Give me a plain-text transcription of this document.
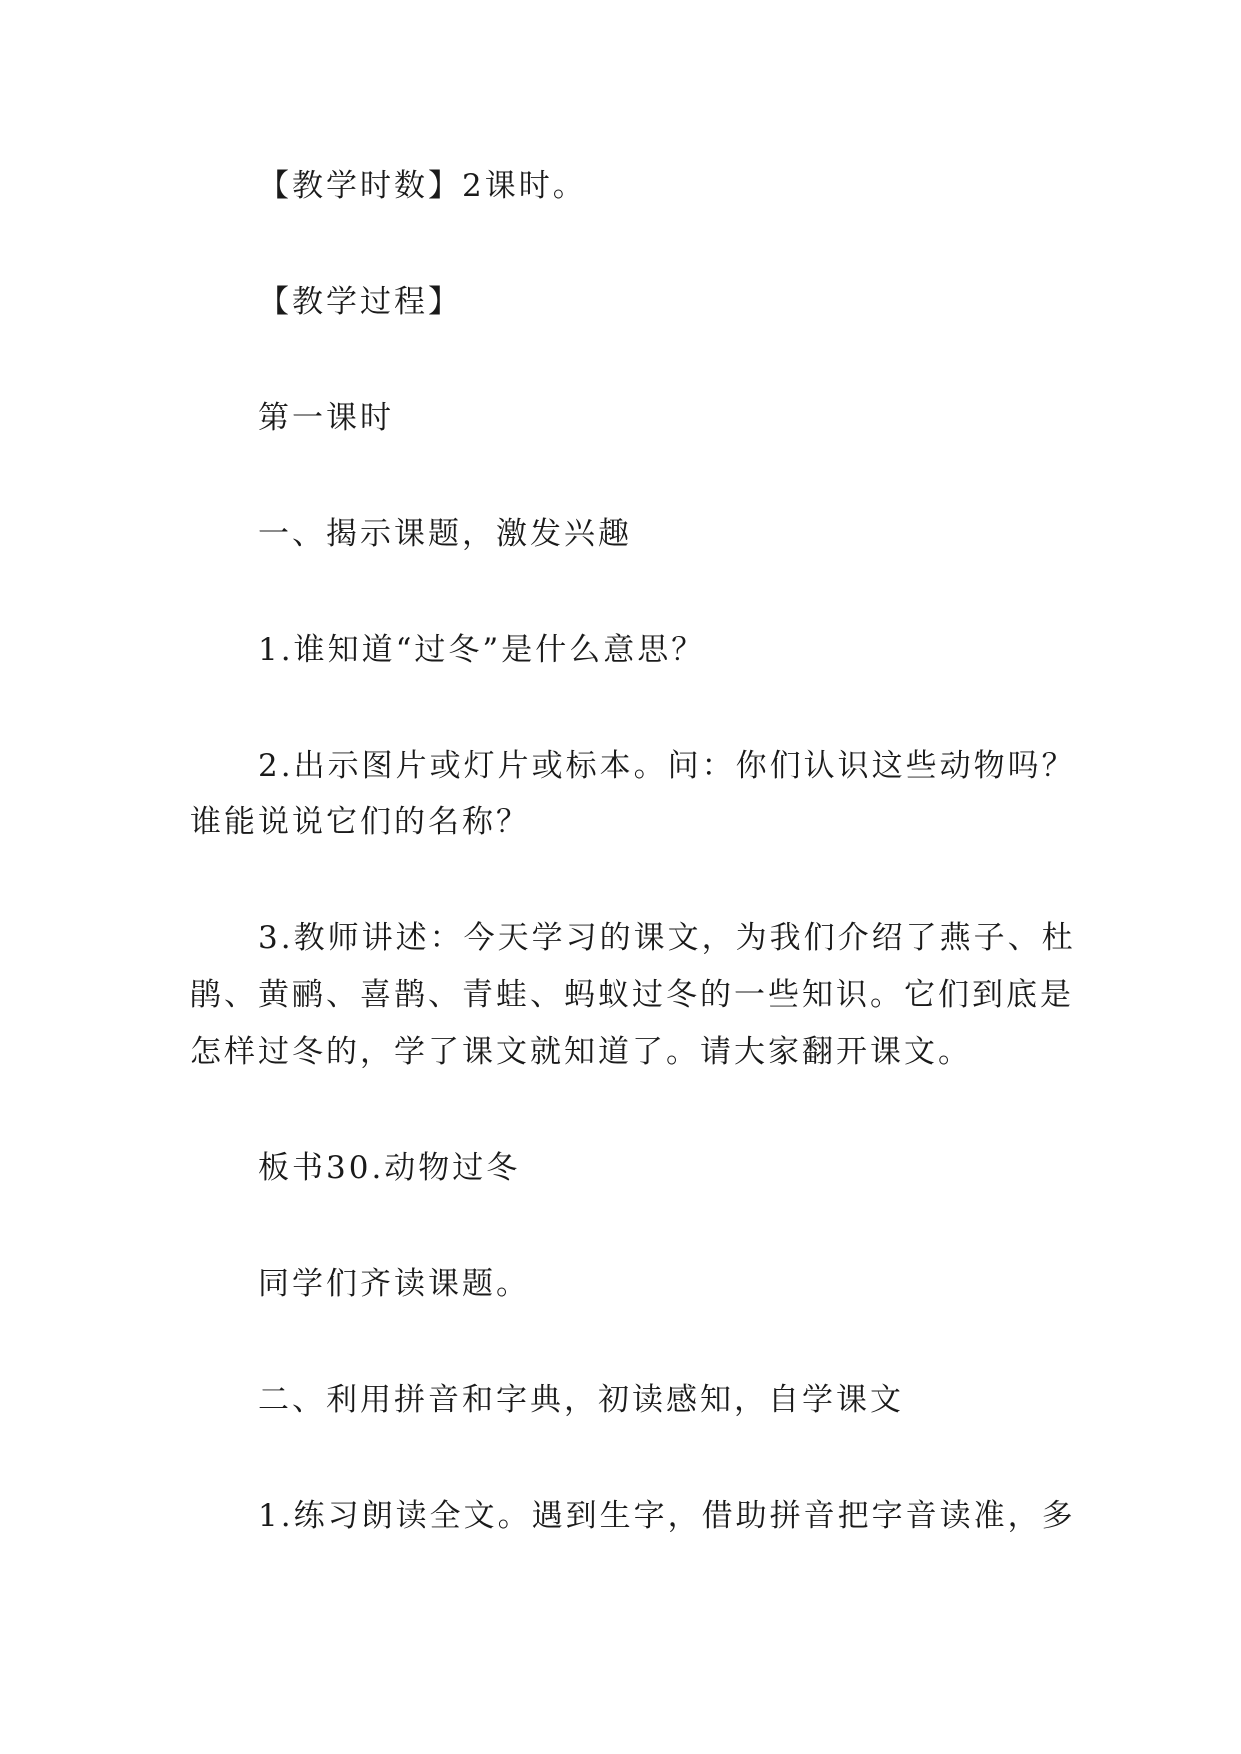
【教学时数】2课时。
【教学过程】
第一课时
一、揭示课题，激发兴趣
1.谁知道“过冬”是什么意思？
2.出示图片或灯片或标本。问：你们认识这些动物吗？
谁能说说它们的名称？
3.教师讲述：今天学习的课文，为我们介绍了燕子、杜
鹃、黄鹂、喜鹊、青蛙、蚂蚁过冬的一些知识。它们到底是
怎样过冬的，学了课文就知道了。请大家翻开课文。
板书30.动物过冬
同学们齐读课题。
二、利用拼音和字典，初读感知，自学课文
1.练习朗读全文。遇到生字，借助拼音把字音读准，多
